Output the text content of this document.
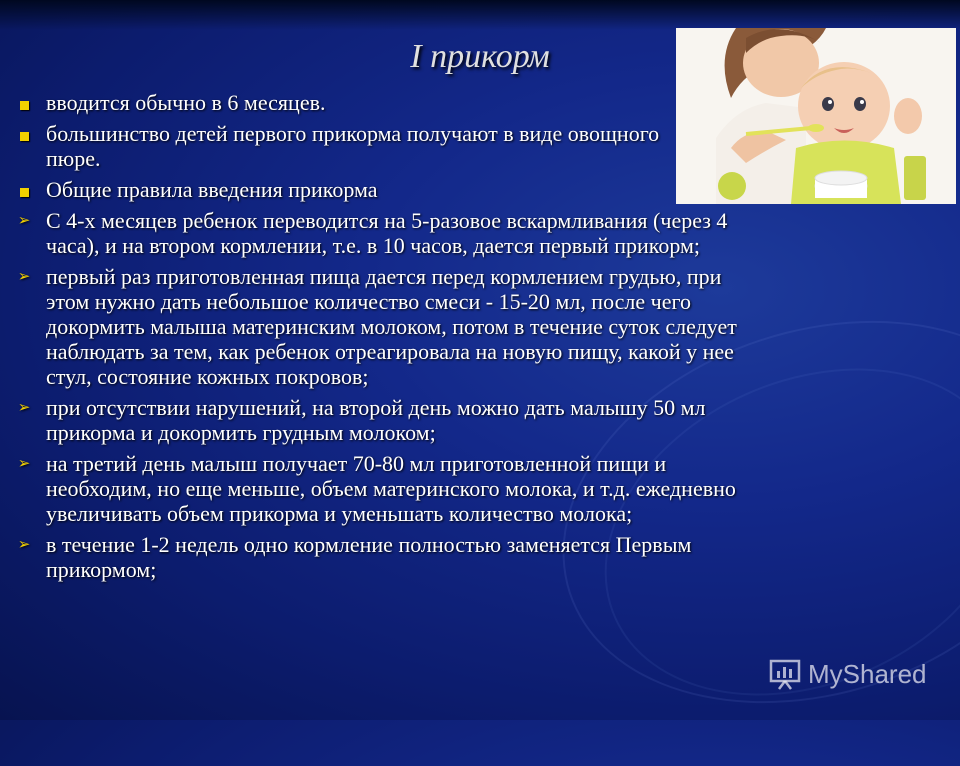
I прикорм
вводится обычно в 6 месяцев.
большинство детей первого прикорма получают в виде овощного пюре.
Общие правила введения прикорма
➢ С 4-х месяцев ребенок переводится на 5-разовое вскармливания (через 4 часа), и на втором кормлении, т.е. в 10 часов, дается первый прикорм;
➢ первый раз приготовленная пища дается перед кормлением грудью, при этом нужно дать небольшое количество смеси - 15-20 мл, после чего докормить малыша материнским молоком, потом в течение суток следует наблюдать за тем, как ребенок отреагировала на новую пищу, какой у нее стул, состояние кожных покровов;
➢ при отсутствии нарушений, на второй день можно дать малышу 50 мл прикорма и докормить грудным молоком;
➢ на третий день малыш получает 70-80 мл приготовленной пищи и необходим, но еще меньше, объем материнского молока, и т.д. ежедневно увеличивать объем прикорма и уменьшать количество молока;
➢ в течение 1-2 недель одно кормление полностью заменяется Первым прикормом;
MyShared
